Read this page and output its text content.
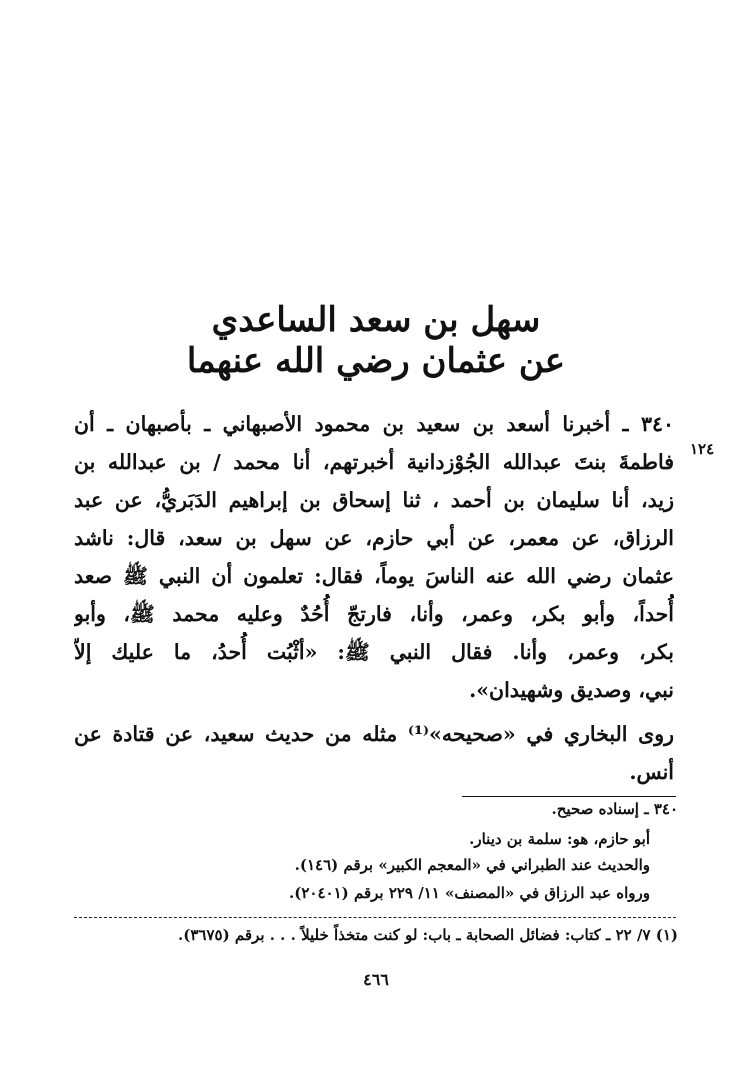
سهل بن سعد الساعدي
عن عثمان رضي الله عنهما
١٢٤
٣٤٠ ـ أخبرنا أسعد بن سعيد بن محمود الأصبهاني ـ بأصبهان ـ أن
فاطمةَ بنتَ عبدالله الجُوْزدانية أخبرتهم، أنا محمد / بن عبدالله بن
زيد، أنا سليمان بن أحمد ، ثنا إسحاق بن إبراهيم الدَبَريُّ، عن عبد
الرزاق، عن معمر، عن أبي حازم، عن سهل بن سعد، قال: ناشد
عثمان رضي الله عنه الناسَ يوماً، فقال: تعلمون أن النبي ﷺ صعد
أُحداً، وأبو بكر، وعمر، وأنا، فارتجّ أُحُدٌ وعليه محمد ﷺ، وأبو
بكر، وعمر، وأنا. فقال النبي ﷺ: «أثْبُت أُحدُ، ما عليك إلاّ
نبي، وصديق وشهيدان».
روى البخاري في «صحيحه»⁽¹⁾ مثله من حديث سعيد، عن قتادة عن
أنس.
٣٤٠ ـ إسناده صحيح.
أبو حازم، هو: سلمة بن دينار.
والحديث عند الطبراني في «المعجم الكبير» برقم (١٤٦).
ورواه عبد الرزاق في «المصنف» ١١/ ٢٢٩ برقم (٢٠٤٠١).
(١) ٧/ ٢٢ ـ كتاب: فضائل الصحابة ـ باب: لو كنت متخذاً خليلاً . . . برقم (٣٦٧٥).
٤٦٦
